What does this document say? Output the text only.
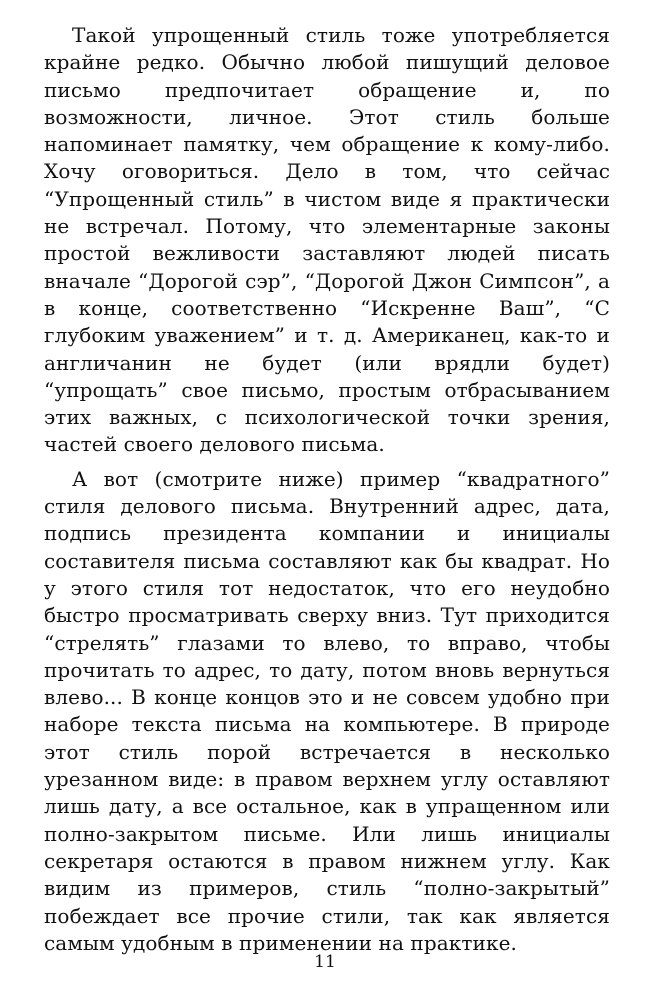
Такой упрощенный стиль тоже употребляется крайне редко. Обычно любой пишущий деловое письмо предпочитает обращение и, по возможности, личное. Этот стиль больше напоминает памятку, чем обращение к кому-либо. Хочу оговориться. Дело в том, что сейчас “Упрощенный стиль” в чистом виде я практически не встречал. Потому, что элементарные законы простой вежливости заставляют людей писать вначале “Дорогой сэр”, “Дорогой Джон Симпсон”, а в конце, соответственно “Искренне Ваш”, “С глубоким уважением” и т. д. Американец, как-то и англичанин не будет (или врядли будет) “упрощать” свое письмо, простым отбрасыванием этих важных, с психологической точки зрения, частей своего делового письма.

А вот (смотрите ниже) пример “квадратного” стиля делового письма. Внутренний адрес, дата, подпись президента компании и инициалы составителя письма составляют как бы квадрат. Но у этого стиля тот недостаток, что его неудобно быстро просматривать сверху вниз. Тут приходится “стрелять” глазами то влево, то вправо, чтобы прочитать то адрес, то дату, потом вновь вернуться влево... В конце концов это и не совсем удобно при наборе текста письма на компьютере. В природе этот стиль порой встречается в несколько урезанном виде: в правом верхнем углу оставляют лишь дату, а все остальное, как в упращенном или полно-закрытом письме. Или лишь инициалы секретаря остаются в правом нижнем углу. Как видим из примеров, стиль “полно-закрытый” побеждает все прочие стили, так как является самым удобным в применении на практике.

11
